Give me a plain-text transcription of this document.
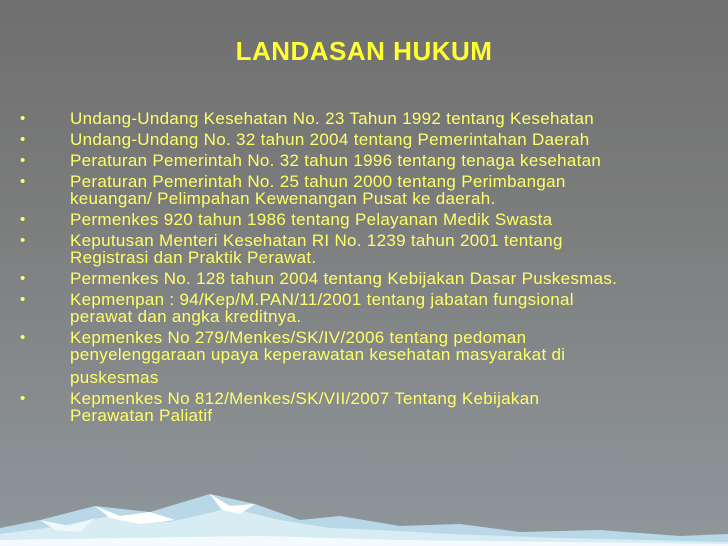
LANDASAN HUKUM
•	Undang-Undang Kesehatan No. 23 Tahun 1992 tentang Kesehatan
•	Undang-Undang No. 32 tahun 2004 tentang Pemerintahan Daerah
•	Peraturan Pemerintah No. 32 tahun 1996 tentang tenaga kesehatan
•	Peraturan Pemerintah No. 25 tahun 2000 tentang Perimbangan
keuangan/ Pelimpahan Kewenangan Pusat ke daerah.
•	Permenkes 920 tahun 1986 tentang Pelayanan Medik Swasta
•	Keputusan Menteri Kesehatan RI No. 1239 tahun 2001 tentang
Registrasi dan Praktik Perawat.
•	Permenkes No. 128 tahun 2004 tentang Kebijakan Dasar Puskesmas.
•	Kepmenpan : 94/Kep/M.PAN/11/2001 tentang jabatan fungsional
perawat dan angka kreditnya.
•	Kepmenkes No 279/Menkes/SK/IV/2006 tentang pedoman
penyelenggaraan upaya keperawatan kesehatan masyarakat di
puskesmas
•	Kepmenkes No 812/Menkes/SK/VII/2007 Tentang Kebijakan
Perawatan Paliatif
